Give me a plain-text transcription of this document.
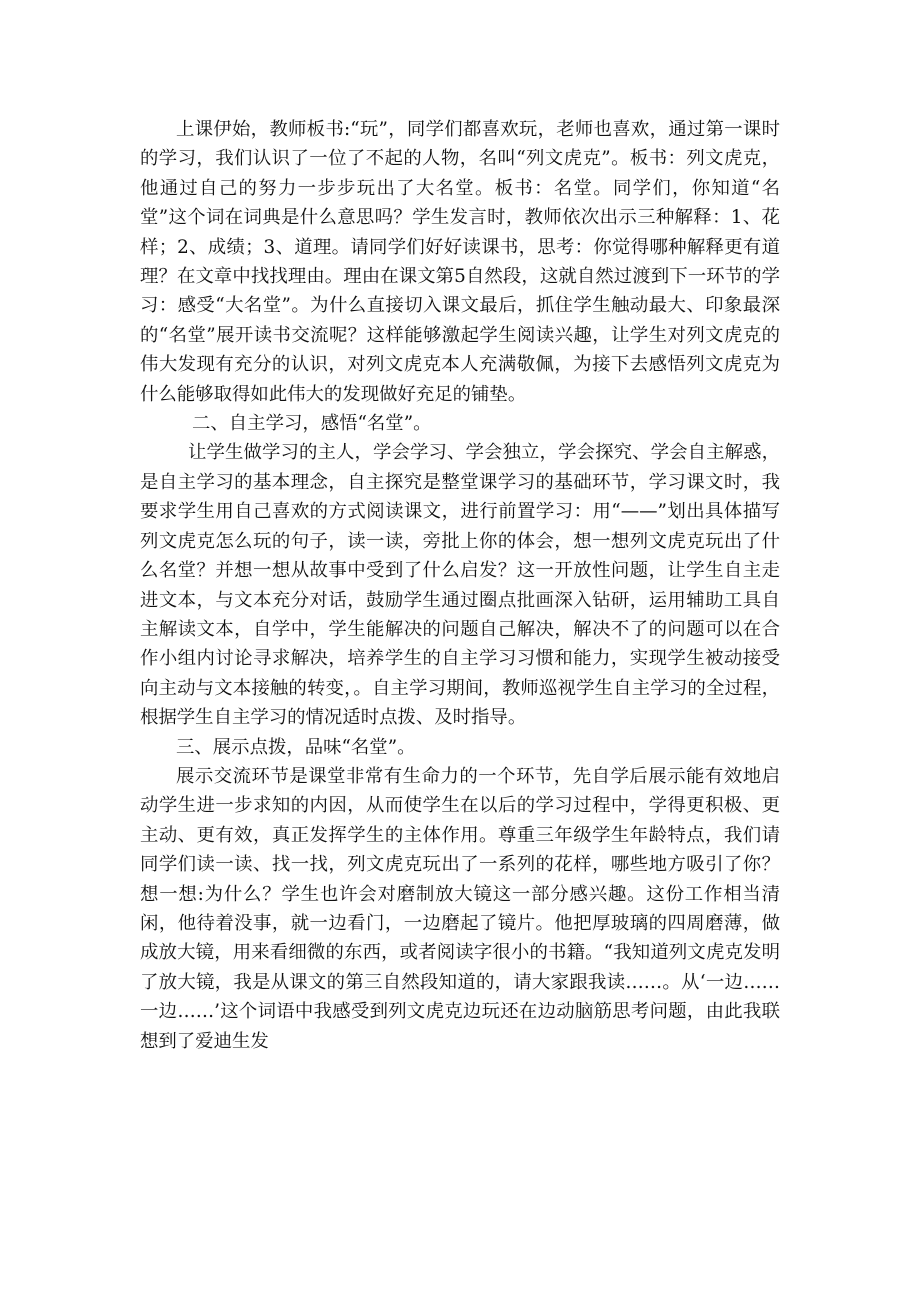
上课伊始，教师板书:“玩”，同学们都喜欢玩，老师也喜欢，通过第一课时的学习，我们认识了一位了不起的人物，名叫“列文虎克”。板书：列文虎克，他通过自己的努力一步步玩出了大名堂。板书：名堂。同学们，你知道“名堂”这个词在词典是什么意思吗？学生发言时，教师依次出示三种解释：1、花样；2、成绩；3、道理。请同学们好好读课书，思考：你觉得哪种解释更有道理？在文章中找找理由。理由在课文第5自然段，这就自然过渡到下一环节的学习：感受“大名堂”。为什么直接切入课文最后，抓住学生触动最大、印象最深的“名堂”展开读书交流呢？这样能够激起学生阅读兴趣，让学生对列文虎克的伟大发现有充分的认识，对列文虎克本人充满敬佩，为接下去感悟列文虎克为什么能够取得如此伟大的发现做好充足的铺垫。

二、自主学习，感悟“名堂”。

让学生做学习的主人，学会学习、学会独立，学会探究、学会自主解惑，是自主学习的基本理念，自主探究是整堂课学习的基础环节，学习课文时，我要求学生用自己喜欢的方式阅读课文，进行前置学习：用“——”划出具体描写列文虎克怎么玩的句子，读一读，旁批上你的体会，想一想列文虎克玩出了什么名堂？并想一想从故事中受到了什么启发？这一开放性问题，让学生自主走进文本，与文本充分对话，鼓励学生通过圈点批画深入钻研，运用辅助工具自主解读文本，自学中，学生能解决的问题自己解决，解决不了的问题可以在合作小组内讨论寻求解决，培养学生的自主学习习惯和能力，实现学生被动接受向主动与文本接触的转变，。自主学习期间，教师巡视学生自主学习的全过程，根据学生自主学习的情况适时点拨、及时指导。

三、展示点拨，品味“名堂”。

展示交流环节是课堂非常有生命力的一个环节，先自学后展示能有效地启动学生进一步求知的内因，从而使学生在以后的学习过程中，学得更积极、更主动、更有效，真正发挥学生的主体作用。尊重三年级学生年龄特点，我们请同学们读一读、找一找，列文虎克玩出了一系列的花样，哪些地方吸引了你？想一想:为什么？学生也许会对磨制放大镜这一部分感兴趣。这份工作相当清闲，他待着没事，就一边看门，一边磨起了镜片。他把厚玻璃的四周磨薄，做成放大镜，用来看细微的东西，或者阅读字很小的书籍。“我知道列文虎克发明了放大镜，我是从课文的第三自然段知道的，请大家跟我读……。从‘一边……一边……’这个词语中我感受到列文虎克边玩还在边动脑筋思考问题，由此我联想到了爱迪生发
